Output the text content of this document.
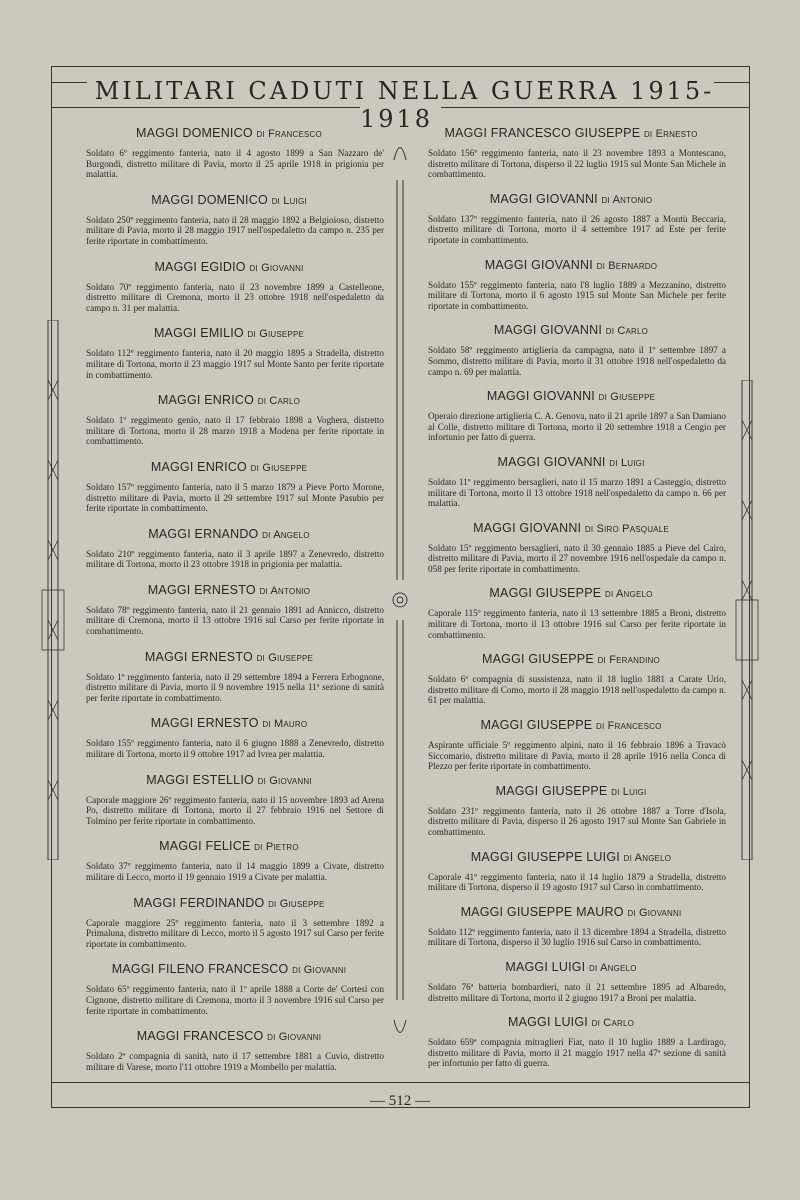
MILITARI CADUTI NELLA GUERRA 1915-1918
MAGGI DOMENICO di Francesco
Soldato 6º reggimento fanteria, nato il 4 agosto 1899 a San Nazzaro de' Burgondi, distretto militare di Pavia, morto il 25 aprile 1918 in prigionia per malattia.
MAGGI DOMENICO di Luigi
Soldato 250º reggimento fanteria, nato il 28 maggio 1892 a Belgioioso, distretto militare di Pavia, morto il 28 maggio 1917 nell'ospedaletto da campo n. 235 per ferite riportate in combattimento.
MAGGI EGIDIO di Giovanni
Soldato 70º reggimento fanteria, nato il 23 novembre 1899 a Castelleone, distretto militare di Cremona, morto il 23 ottobre 1918 nell'ospedaletto da campo n. 31 per malattia.
MAGGI EMILIO di Giuseppe
Soldato 112º reggimento fanteria, nato il 20 maggio 1895 a Stradella, distretto militare di Tortona, morto il 23 maggio 1917 sul Monte Santo per ferite riportate in combattimento.
MAGGI ENRICO di Carlo
Soldato 1º reggimento genio, nato il 17 febbraio 1898 a Voghera, distretto militare di Tortona, morto il 28 marzo 1918 a Modena per ferite riportate in combattimento.
MAGGI ENRICO di Giuseppe
Soldato 157º reggimento fanteria, nato il 5 marzo 1879 a Pieve Porto Morone, distretto militare di Pavia, morto il 29 settembre 1917 sul Monte Pasubio per ferite riportate in combattimento.
MAGGI ERNANDO di Angelo
Soldato 210º reggimento fanteria, nato il 3 aprile 1897 a Zenevredo, distretto militare di Tortona, morto il 23 ottobre 1918 in prigionia per malattia.
MAGGI ERNESTO di Antonio
Soldato 78º reggimento fanteria, nato il 21 gennaio 1891 ad Annicco, distretto militare di Cremona, morto il 13 ottobre 1916 sul Carso per ferite riportate in combattimento.
MAGGI ERNESTO di Giuseppe
Soldato 1º reggimento fanteria, nato il 29 settembre 1894 a Ferrera Erbognone, distretto militare di Pavia, morto il 9 novembre 1915 nella 11ª sezione di sanità per ferite riportate in combattimento.
MAGGI ERNESTO di Mauro
Soldato 155º reggimento fanteria, nato il 6 giugno 1888 a Zenevredo, distretto militare di Tortona, morto il 9 ottobre 1917 ad Ivrea per malattia.
MAGGI ESTELLIO di Giovanni
Caporale maggiore 26º reggimento fanteria, nato il 15 novembre 1893 ad Arena Po, distretto militare di Tortona, morto il 27 febbraio 1916 nel Settore di Tolmino per ferite riportate in combattimento.
MAGGI FELICE di Pietro
Soldato 37º reggimento fanteria, nato il 14 maggio 1899 a Civate, distretto militare di Lecco, morto il 19 gennaio 1919 a Civate per malattia.
MAGGI FERDINANDO di Giuseppe
Caporale maggiore 25º reggimento fanteria, nato il 3 settembre 1892 a Primaluna, distretto militare di Lecco, morto il 5 agosto 1917 sul Carso per ferite riportate in combattimento.
MAGGI FILENO FRANCESCO di Giovanni
Soldato 65º reggimento fanteria, nato il 1º aprile 1888 a Corte de' Cortesi con Cignone, distretto militare di Cremona, morto il 3 novembre 1916 sul Carso per ferite riportate in combattimento.
MAGGI FRANCESCO di Giovanni
Soldato 2ª compagnia di sanità, nato il 17 settembre 1881 a Cuvio, distretto militare di Varese, morto l'11 ottobre 1919 a Mombello per malattia.
MAGGI FRANCESCO GIUSEPPE di Ernesto
Soldato 156º reggimento fanteria, nato il 23 novembre 1893 a Montescano, distretto militare di Tortona, disperso il 22 luglio 1915 sul Monte San Michele in combattimento.
MAGGI GIOVANNI di Antonio
Soldato 137º reggimento fanteria, nato il 26 agosto 1887 a Montù Beccaria, distretto militare di Tortona, morto il 4 settembre 1917 ad Este per ferite riportate in combattimento.
MAGGI GIOVANNI di Bernardo
Soldato 155º reggimento fanteria, nato l'8 luglio 1889 a Mezzanino, distretto militare di Tortona, morto il 6 agosto 1915 sul Monte San Michele per ferite riportate in combattimento.
MAGGI GIOVANNI di Carlo
Soldato 58º reggimento artiglieria da campagna, nato il 1º settembre 1897 a Sommo, distretto militare di Pavia, morto il 31 ottobre 1918 nell'ospedaletto da campo n. 69 per malattia.
MAGGI GIOVANNI di Giuseppe
Operaio direzione artiglieria C. A. Genova, nato il 21 aprile 1897 a San Damiano al Colle, distretto militare di Tortona, morto il 20 settembre 1918 a Cengio per infortunio per fatto di guerra.
MAGGI GIOVANNI di Luigi
Soldato 11º reggimento bersaglieri, nato il 15 marzo 1891 a Casteggio, distretto militare di Tortona, morto il 13 ottobre 1918 nell'ospedaletto da campo n. 66 per malattia.
MAGGI GIOVANNI di Siro Pasquale
Soldato 15º reggimento bersaglieri, nato il 30 gennaio 1885 a Pieve del Cairo, distretto militare di Pavia, morto il 27 novembre 1916 nell'ospedale da campo n. 058 per ferite riportate in combattimento.
MAGGI GIUSEPPE di Angelo
Caporale 115º reggimento fanteria, nato il 13 settembre 1885 a Broni, distretto militare di Tortona, morto il 13 ottobre 1916 sul Carso per ferite riportate in combattimento.
MAGGI GIUSEPPE di Ferandino
Soldato 6ª compagnia di sussistenza, nato il 18 luglio 1881 a Carate Urio, distretto militare di Como, morto il 28 maggio 1918 nell'ospedaletto da campo n. 61 per malattia.
MAGGI GIUSEPPE di Francesco
Aspirante ufficiale 5º reggimento alpini, nato il 16 febbraio 1896 a Travacò Siccomario, distretto militare di Pavia, morto il 28 aprile 1916 nella Conca di Plezzo per ferite riportate in combattimento.
MAGGI GIUSEPPE di Luigi
Soldato 231º reggimento fanteria, nato il 26 ottobre 1887 a Torre d'Isola, distretto militare di Pavia, disperso il 26 agosto 1917 sul Monte San Gabriele in combattimento.
MAGGI GIUSEPPE LUIGI di Angelo
Caporale 41º reggimento fanteria, nato il 14 luglio 1879 a Stradella, distretto militare di Tortona, disperso il 19 agosto 1917 sul Carso in combattimento.
MAGGI GIUSEPPE MAURO di Giovanni
Soldato 112º reggimento fanteria, nato il 13 dicembre 1894 a Stradella, distretto militare di Tortona, disperso il 30 luglio 1916 sul Carso in combattimento.
MAGGI LUIGI di Angelo
Soldato 76ª batteria bombardieri, nato il 21 settembre 1895 ad Albaredo, distretto militare di Tortona, morto il 2 giugno 1917 a Broni per malattia.
MAGGI LUIGI di Carlo
Soldato 659ª compagnia mitraglieri Fiat, nato il 10 luglio 1889 a Lardirago, distretto militare di Pavia, morto il 21 maggio 1917 nella 47ª sezione di sanità per infortunio per fatto di guerra.
— 512 —
